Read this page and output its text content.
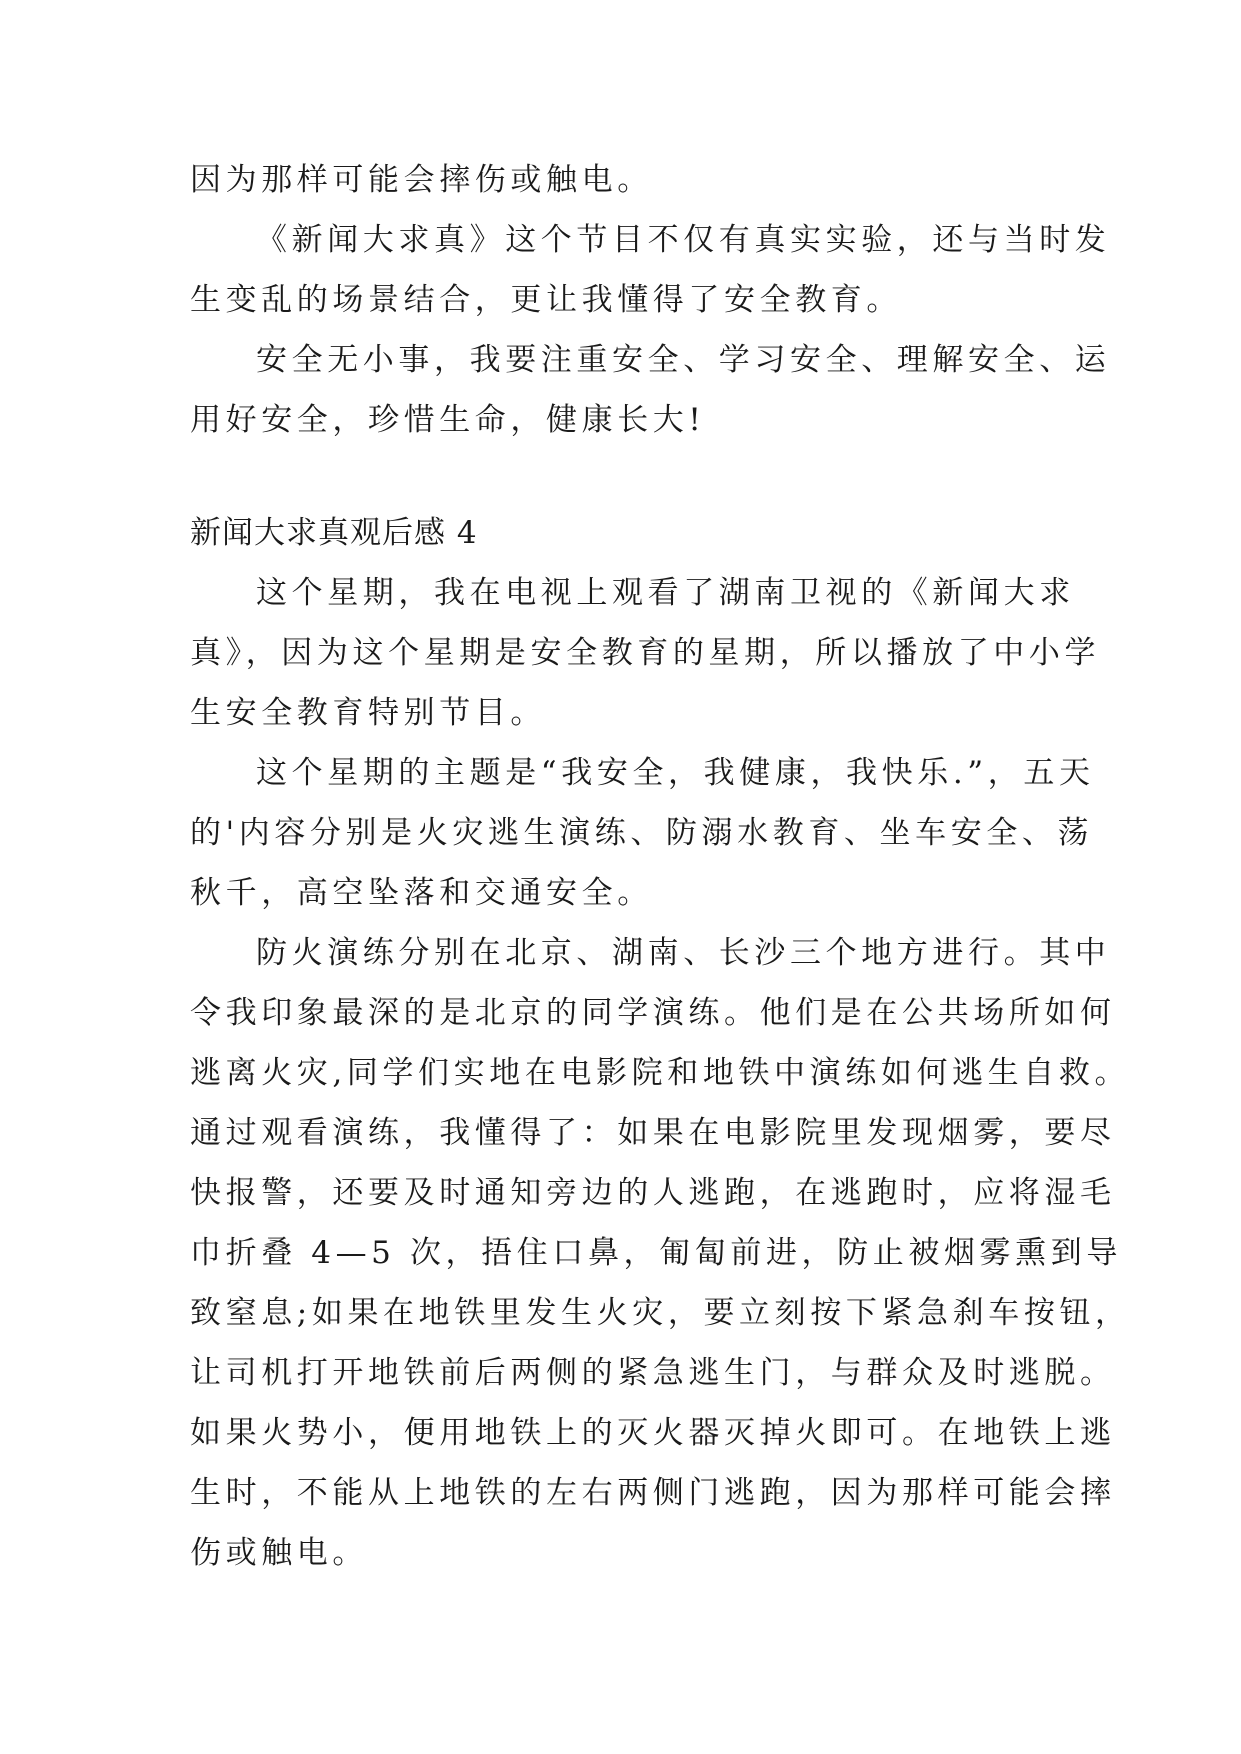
因为那样可能会摔伤或触电。
《新闻大求真》这个节目不仅有真实实验，还与当时发
生变乱的场景结合，更让我懂得了安全教育。
安全无小事，我要注重安全、学习安全、理解安全、运
用好安全，珍惜生命，健康长大!
新闻大求真观后感 4
这个星期，我在电视上观看了湖南卫视的《新闻大求
真》，因为这个星期是安全教育的星期，所以播放了中小学
生安全教育特别节目。
这个星期的主题是“我安全，我健康，我快乐.”，五天
的'内容分别是火灾逃生演练、防溺水教育、坐车安全、荡
秋千，高空坠落和交通安全。
防火演练分别在北京、湖南、长沙三个地方进行。其中
令我印象最深的是北京的同学演练。他们是在公共场所如何
逃离火灾,同学们实地在电影院和地铁中演练如何逃生自救。
通过观看演练，我懂得了：如果在电影院里发现烟雾，要尽
快报警，还要及时通知旁边的人逃跑，在逃跑时，应将湿毛
巾折叠 4—5 次，捂住口鼻，匍匐前进，防止被烟雾熏到导
致窒息;如果在地铁里发生火灾，要立刻按下紧急刹车按钮，
让司机打开地铁前后两侧的紧急逃生门，与群众及时逃脱。
如果火势小，便用地铁上的灭火器灭掉火即可。在地铁上逃
生时，不能从上地铁的左右两侧门逃跑，因为那样可能会摔
伤或触电。
